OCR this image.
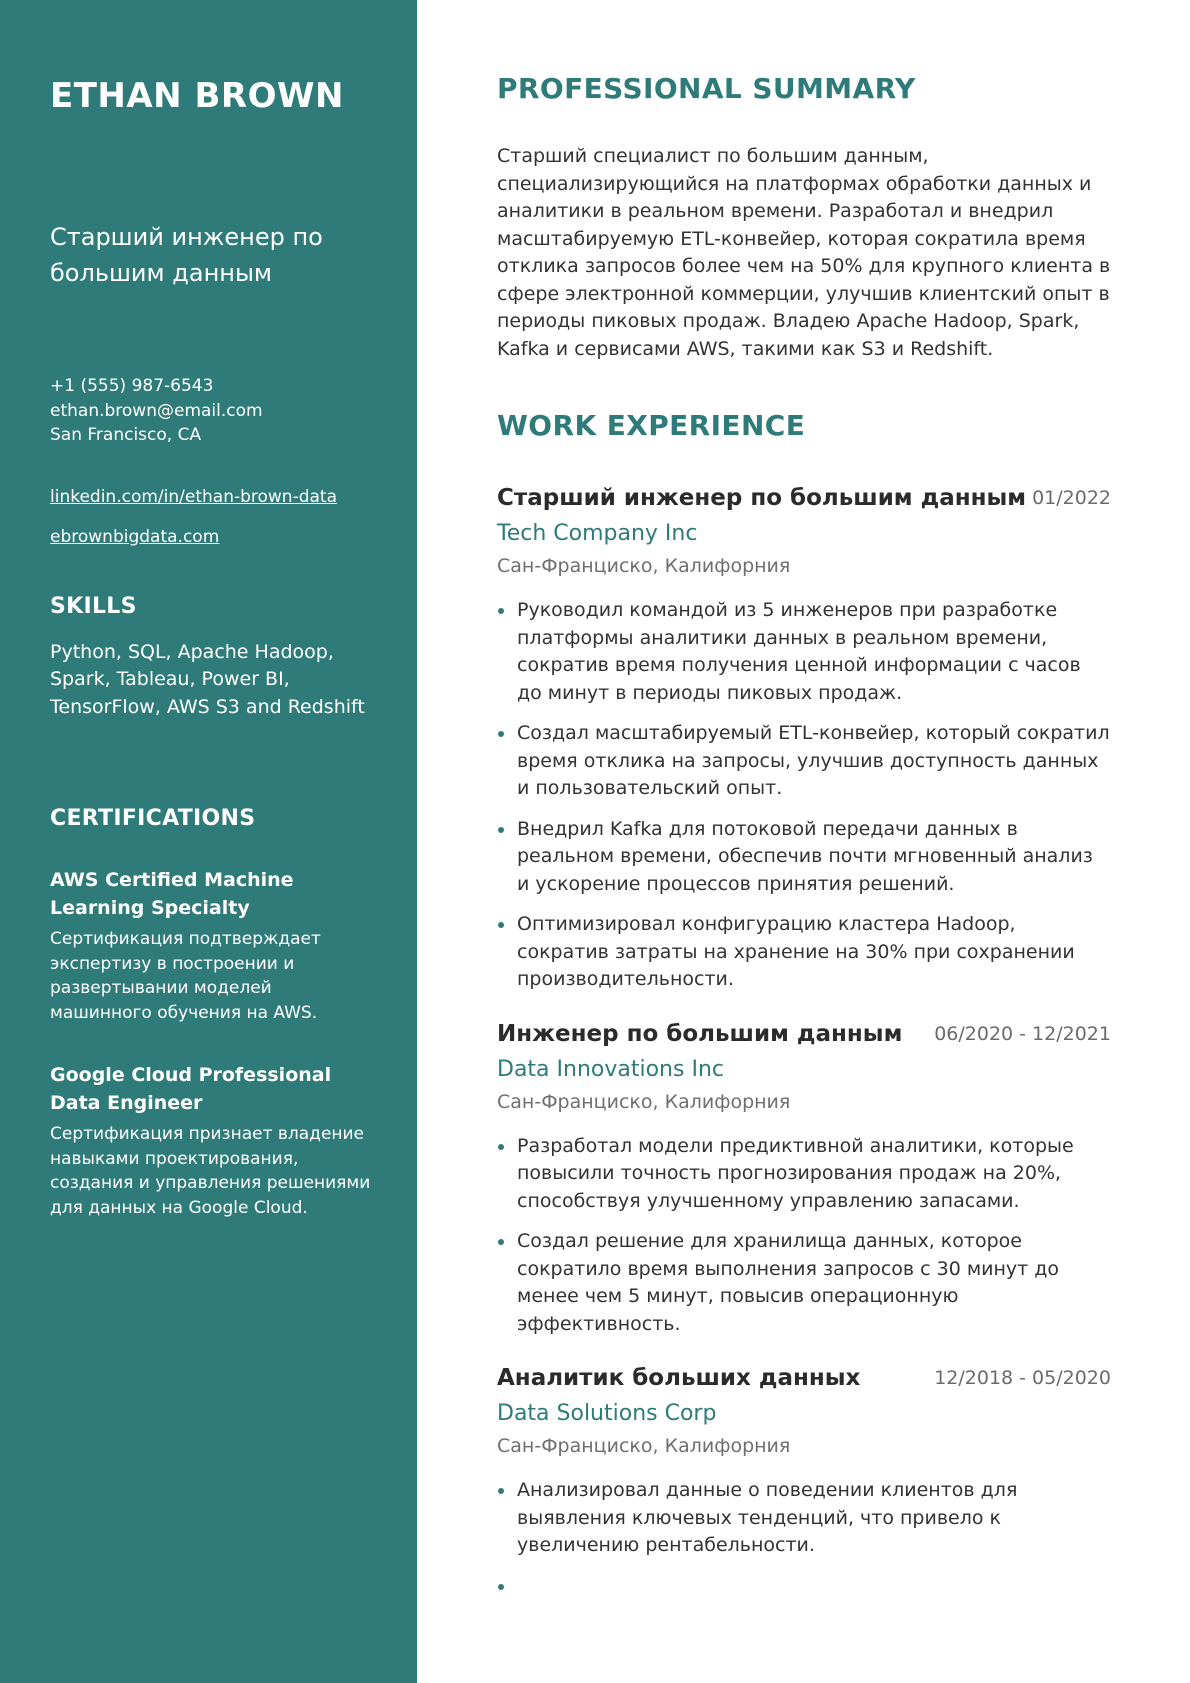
ETHAN BROWN
Старший инженер по большим данным
+1 (555) 987-6543
ethan.brown@email.com
San Francisco, CA
linkedin.com/in/ethan-brown-data
ebrownbigdata.com
SKILLS
Python, SQL, Apache Hadoop, Spark, Tableau, Power BI, TensorFlow, AWS S3 and Redshift
CERTIFICATIONS
AWS Certified Machine Learning Specialty
Сертификация подтверждает экспертизу в построении и развертывании моделей машинного обучения на AWS.
Google Cloud Professional Data Engineer
Сертификация признает владение навыками проектирования, создания и управления решениями для данных на Google Cloud.
PROFESSIONAL SUMMARY
Старший специалист по большим данным, специализирующийся на платформах обработки данных и аналитики в реальном времени. Разработал и внедрил масштабируемую ETL-конвейер, которая сократила время отклика запросов более чем на 50% для крупного клиента в сфере электронной коммерции, улучшив клиентский опыт в периоды пиковых продаж. Владею Apache Hadoop, Spark, Kafka и сервисами AWS, такими как S3 и Redshift.
WORK EXPERIENCE
Старший инженер по большим данным 01/2022
Tech Company Inc
Сан-Франциско, Калифорния
Руководил командой из 5 инженеров при разработке платформы аналитики данных в реальном времени, сократив время получения ценной информации с часов до минут в периоды пиковых продаж.
Создал масштабируемый ETL-конвейер, который сократил время отклика на запросы, улучшив доступность данных и пользовательский опыт.
Внедрил Kafka для потоковой передачи данных в реальном времени, обеспечив почти мгновенный анализ и ускорение процессов принятия решений.
Оптимизировал конфигурацию кластера Hadoop, сократив затраты на хранение на 30% при сохранении производительности.
Инженер по большим данным	06/2020 - 12/2021
Data Innovations Inc
Сан-Франциско, Калифорния
Разработал модели предиктивной аналитики, которые повысили точность прогнозирования продаж на 20%, способствуя улучшенному управлению запасами.
Создал решение для хранилища данных, которое сократило время выполнения запросов с 30 минут до менее чем 5 минут, повысив операционную эффективность.
Аналитик больших данных	12/2018 - 05/2020
Data Solutions Corp
Сан-Франциско, Калифорния
Анализировал данные о поведении клиентов для выявления ключевых тенденций, что привело к увеличению рентабельности.
